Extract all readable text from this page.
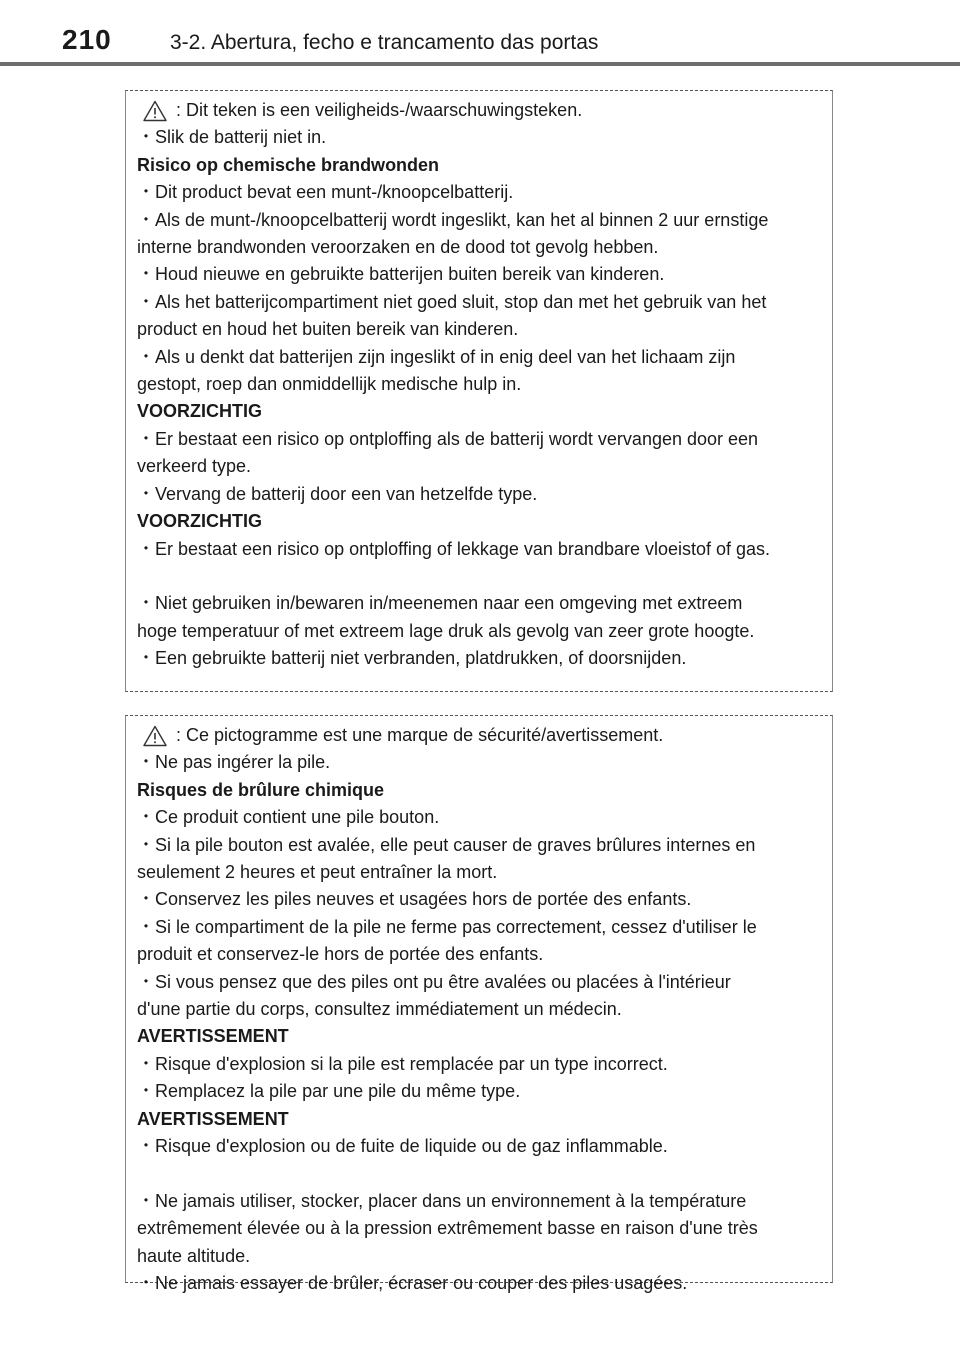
210	3-2. Abertura, fecho e trancamento das portas
: Dit teken is een veiligheids-/waarschuwingsteken.
・Slik de batterij niet in.
Risico op chemische brandwonden
・Dit product bevat een munt-/knoopcelbatterij.
・Als de munt-/knoopcelbatterij wordt ingeslikt, kan het al binnen 2 uur ernstige
interne brandwonden veroorzaken en de dood tot gevolg hebben.
・Houd nieuwe en gebruikte batterijen buiten bereik van kinderen.
・Als het batterijcompartiment niet goed sluit, stop dan met het gebruik van het
product en houd het buiten bereik van kinderen.
・Als u denkt dat batterijen zijn ingeslikt of in enig deel van het lichaam zijn
gestopt, roep dan onmiddellijk medische hulp in.
VOORZICHTIG
・Er bestaat een risico op ontploffing als de batterij wordt vervangen door een
verkeerd type.
・Vervang de batterij door een van hetzelfde type.
VOORZICHTIG
・Er bestaat een risico op ontploffing of lekkage van brandbare vloeistof of gas.
・Niet gebruiken in/bewaren in/meenemen naar een omgeving met extreem
hoge temperatuur of met extreem lage druk als gevolg van zeer grote hoogte.
・Een gebruikte batterij niet verbranden, platdrukken, of doorsnijden.
: Ce pictogramme est une marque de sécurité/avertissement.
・Ne pas ingérer la pile.
Risques de brûlure chimique
・Ce produit contient une pile bouton.
・Si la pile bouton est avalée, elle peut causer de graves brûlures internes en
seulement 2 heures et peut entraîner la mort.
・Conservez les piles neuves et usagées hors de portée des enfants.
・Si le compartiment de la pile ne ferme pas correctement, cessez d'utiliser le
produit et conservez-le hors de portée des enfants.
・Si vous pensez que des piles ont pu être avalées ou placées à l'intérieur
d'une partie du corps, consultez immédiatement un médecin.
AVERTISSEMENT
・Risque d'explosion si la pile est remplacée par un type incorrect.
・Remplacez la pile par une pile du même type.
AVERTISSEMENT
・Risque d'explosion ou de fuite de liquide ou de gaz inflammable.
・Ne jamais utiliser, stocker, placer dans un environnement à la température
extrêmement élevée ou à la pression extrêmement basse en raison d'une très
haute altitude.
・Ne jamais essayer de brûler, écraser ou couper des piles usagées.
